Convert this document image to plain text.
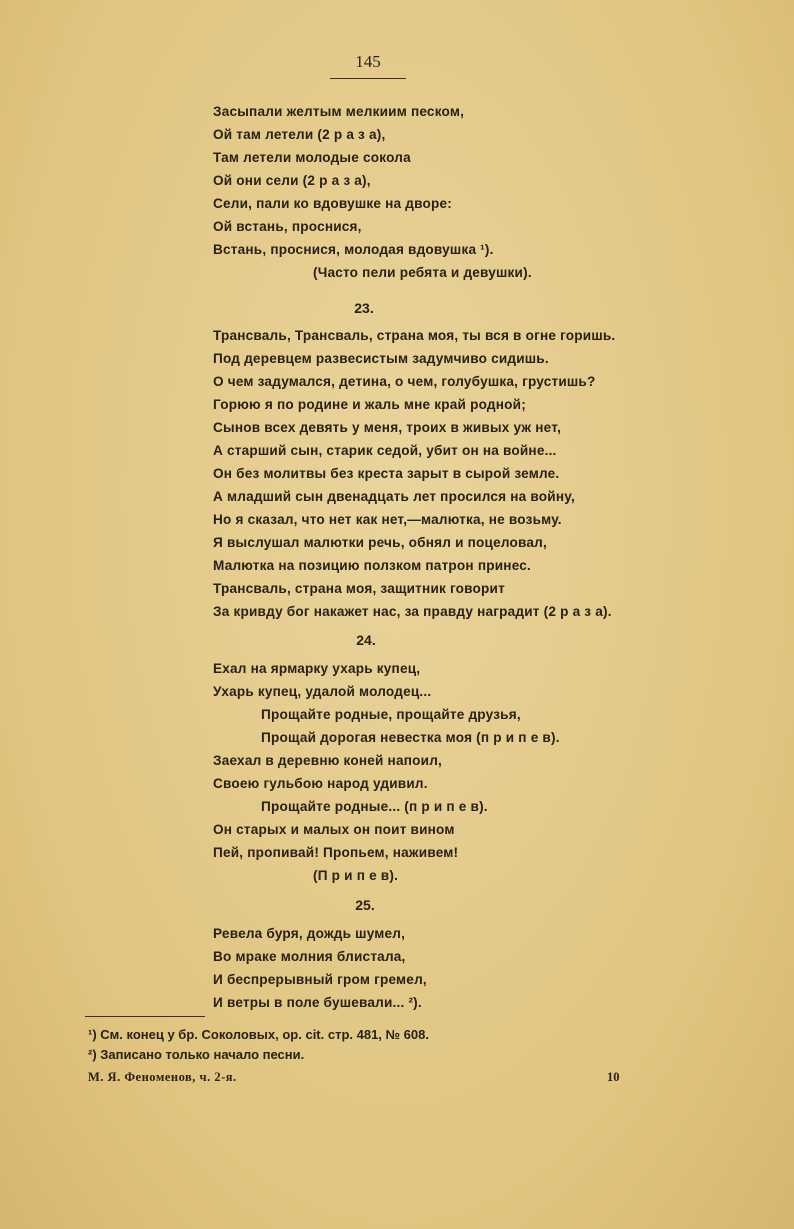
145
Засыпали желтым мелкиим песком,
Ой там летели (2 р а з а),
Там летели молодые сокола
Ой они сели (2 р а з а),
Сели, пали ко вдовушке на дворе:
Ой встань, проснися,
Встань, проснися, молодая вдовушка ¹).
(Часто пели ребята и девушки).
23.
Трансваль, Трансваль, страна моя, ты вся в огне горишь.
Под деревцем развесистым задумчиво сидишь.
О чем задумался, детина, о чем, голубушка, грустишь?
Горюю я по родине и жаль мне край родной;
Сынов всех девять у меня, троих в живых уж нет,
А старший сын, старик седой, убит он на войне...
Он без молитвы без креста зарыт в сырой земле.
А младший сын двенадцать лет просился на войну,
Но я сказал, что нет как нет,—малютка, не возьму.
Я выслушал малютки речь, обнял и поцеловал,
Малютка на позицию ползком патрон принес.
Трансваль, страна моя, защитник говорит
За кривду бог накажет нас, за правду наградит (2 р а з а).
24.
Ехал на ярмарку ухарь купец,
Ухарь купец, удалой молодец...
Прощайте родные, прощайте друзья,
Прощай дорогая невестка моя (п р и п е в).
Заехал в деревню коней напоил,
Своею гульбою народ удивил.
Прощайте родные... (п р и п е в).
Он старых и малых он поит вином
Пей, пропивай! Пропьем, наживем!
(П р и п е в).
25.
Ревела буря, дождь шумел,
Во мраке молния блистала,
И беспрерывный гром гремел,
И ветры в поле бушевали... ²).
¹) См. конец у бр. Соколовых, ор. cit. стр. 481, № 608.
²) Записано только начало песни.
М. Я. Феноменов, ч. 2-я.	10
